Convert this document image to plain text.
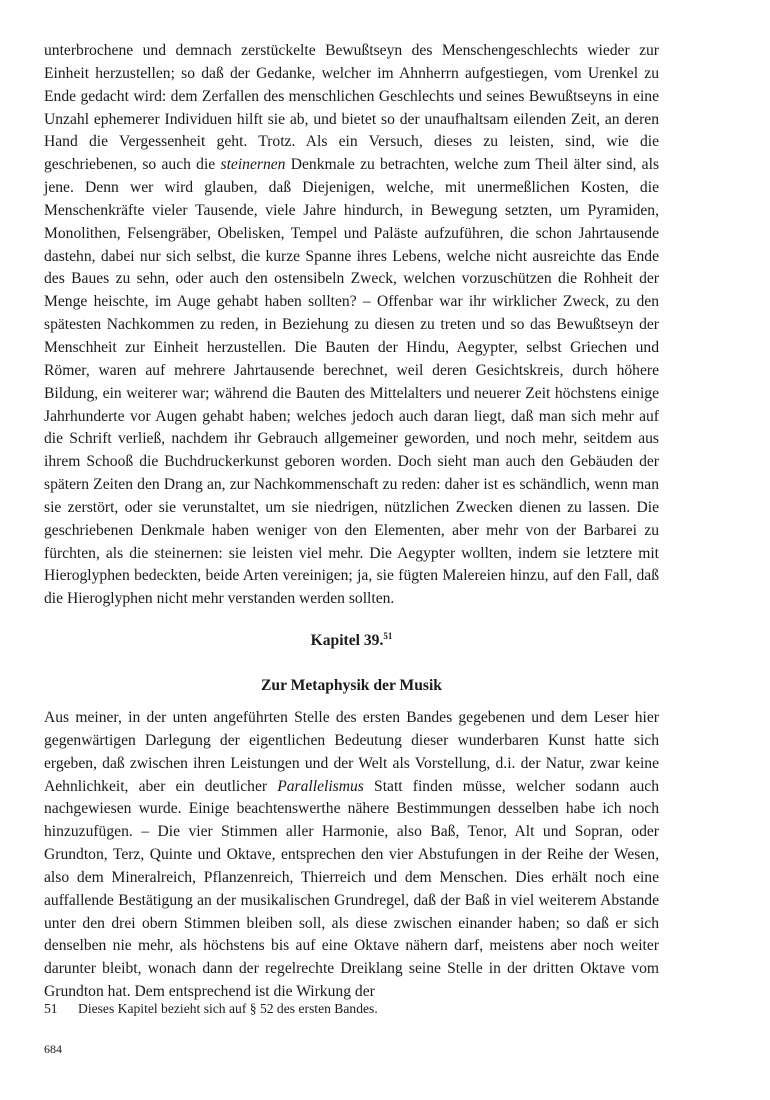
unterbrochene und demnach zerstückelte Bewußtseyn des Menschengeschlechts wieder zur Einheit herzustellen; so daß der Gedanke, welcher im Ahnherrn aufgestiegen, vom Urenkel zu Ende gedacht wird: dem Zerfallen des menschlichen Geschlechts und seines Bewußtseyns in eine Unzahl ephemerer Individuen hilft sie ab, und bietet so der unaufhaltsam eilenden Zeit, an deren Hand die Vergessenheit geht. Trotz. Als ein Versuch, dieses zu leisten, sind, wie die geschriebenen, so auch die steinernen Denkmale zu betrachten, welche zum Theil älter sind, als jene. Denn wer wird glauben, daß Diejenigen, welche, mit unermeßlichen Kosten, die Menschenkräfte vieler Tausende, viele Jahre hindurch, in Bewegung setzten, um Pyramiden, Monolithen, Felsengräber, Obelisken, Tempel und Paläste aufzuführen, die schon Jahrtausende dastehn, dabei nur sich selbst, die kurze Spanne ihres Lebens, welche nicht ausreichte das Ende des Baues zu sehn, oder auch den ostensibeln Zweck, welchen vorzuschützen die Rohheit der Menge heischte, im Auge gehabt haben sollten? – Offenbar war ihr wirklicher Zweck, zu den spätesten Nachkommen zu reden, in Beziehung zu diesen zu treten und so das Bewußtseyn der Menschheit zur Einheit herzustellen. Die Bauten der Hindu, Aegypter, selbst Griechen und Römer, waren auf mehrere Jahrtausende berechnet, weil deren Gesichtskreis, durch höhere Bildung, ein weiterer war; während die Bauten des Mittelalters und neuerer Zeit höchstens einige Jahrhunderte vor Augen gehabt haben; welches jedoch auch daran liegt, daß man sich mehr auf die Schrift verließ, nachdem ihr Gebrauch allgemeiner geworden, und noch mehr, seitdem aus ihrem Schooß die Buchdruckerkunst geboren worden. Doch sieht man auch den Gebäuden der spätern Zeiten den Drang an, zur Nachkommenschaft zu reden: daher ist es schändlich, wenn man sie zerstört, oder sie verunstaltet, um sie niedrigen, nützlichen Zwecken dienen zu lassen. Die geschriebenen Denkmale haben weniger von den Elementen, aber mehr von der Barbarei zu fürchten, als die steinernen: sie leisten viel mehr. Die Aegypter wollten, indem sie letztere mit Hieroglyphen bedeckten, beide Arten vereinigen; ja, sie fügten Malereien hinzu, auf den Fall, daß die Hieroglyphen nicht mehr verstanden werden sollten.

Kapitel 39.51
Zur Metaphysik der Musik

Aus meiner, in der unten angeführten Stelle des ersten Bandes gegebenen und dem Leser hier gegenwärtigen Darlegung der eigentlichen Bedeutung dieser wunderbaren Kunst hatte sich ergeben, daß zwischen ihren Leistungen und der Welt als Vorstellung, d.i. der Natur, zwar keine Aehnlichkeit, aber ein deutlicher Parallelismus Statt finden müsse, welcher sodann auch nachgewiesen wurde. Einige beachtenswerthe nähere Bestimmungen desselben habe ich noch hinzuzufügen. – Die vier Stimmen aller Harmonie, also Baß, Tenor, Alt und Sopran, oder Grundton, Terz, Quinte und Oktave, entsprechen den vier Abstufungen in der Reihe der Wesen, also dem Mineralreich, Pflanzenreich, Thierreich und dem Menschen. Dies erhält noch eine auffallende Bestätigung an der musikalischen Grundregel, daß der Baß in viel weiterem Abstande unter den drei obern Stimmen bleiben soll, als diese zwischen einander haben; so daß er sich denselben nie mehr, als höchstens bis auf eine Oktave nähern darf, meistens aber noch weiter darunter bleibt, wonach dann der regelrechte Dreiklang seine Stelle in der dritten Oktave vom Grundton hat. Dem entsprechend ist die Wirkung der

51 Dieses Kapitel bezieht sich auf § 52 des ersten Bandes.

684
